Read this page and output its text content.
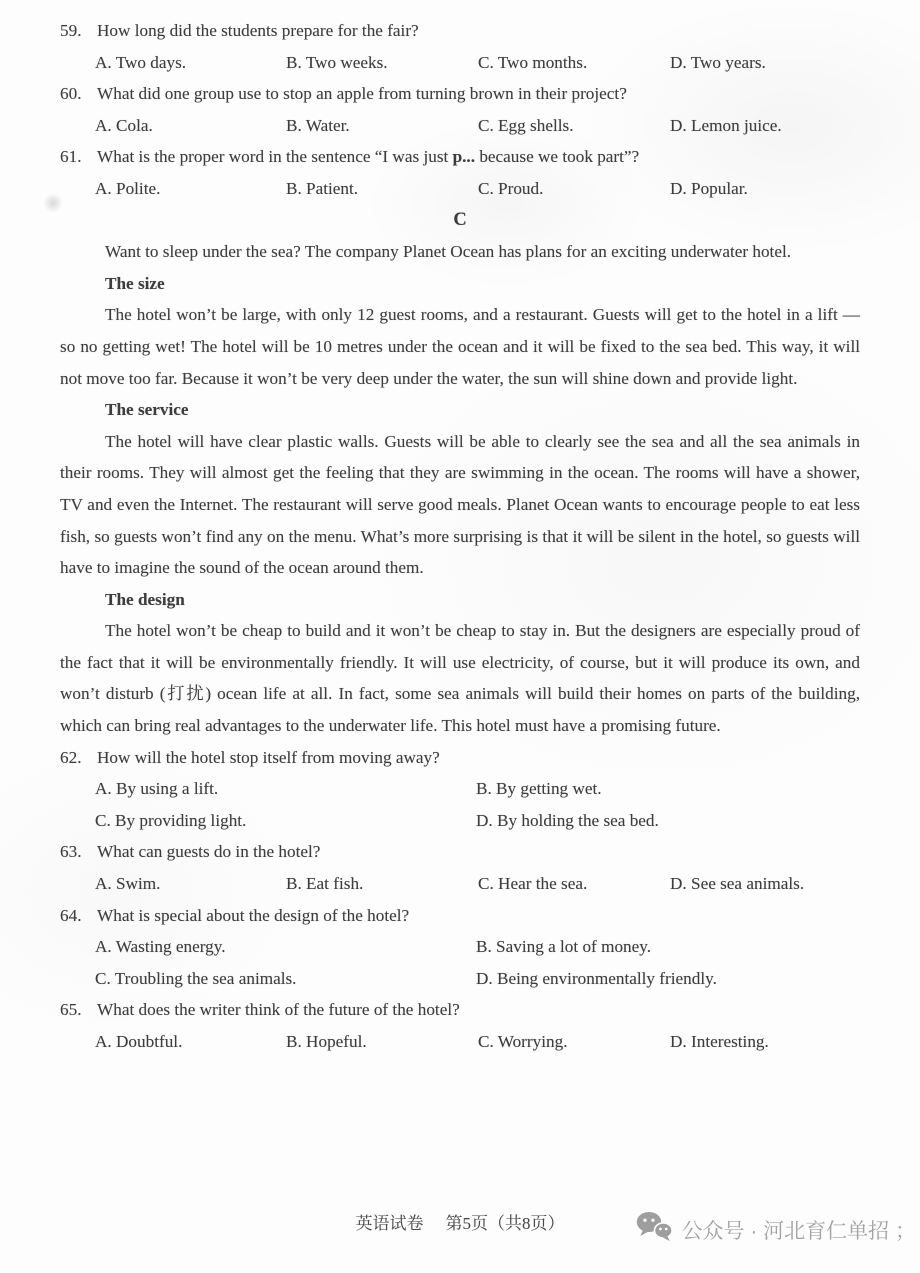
59. How long did the students prepare for the fair?
A. Two days.	B. Two weeks.	C. Two months.	D. Two years.
60. What did one group use to stop an apple from turning brown in their project?
A. Cola.	B. Water.	C. Egg shells.	D. Lemon juice.
61. What is the proper word in the sentence “I was just p... because we took part”?
A. Polite.	B. Patient.	C. Proud.	D. Popular.
C

Want to sleep under the sea? The company Planet Ocean has plans for an exciting underwater hotel.

The size

The hotel won’t be large, with only 12 guest rooms, and a restaurant. Guests will get to the hotel in a lift — so no getting wet! The hotel will be 10 metres under the ocean and it will be fixed to the sea bed. This way, it will not move too far. Because it won’t be very deep under the water, the sun will shine down and provide light.

The service

The hotel will have clear plastic walls. Guests will be able to clearly see the sea and all the sea animals in their rooms. They will almost get the feeling that they are swimming in the ocean. The rooms will have a shower, TV and even the Internet. The restaurant will serve good meals. Planet Ocean wants to encourage people to eat less fish, so guests won’t find any on the menu. What’s more surprising is that it will be silent in the hotel, so guests will have to imagine the sound of the ocean around them.

The design

The hotel won’t be cheap to build and it won’t be cheap to stay in. But the designers are especially proud of the fact that it will be environmentally friendly. It will use electricity, of course, but it will produce its own, and won’t disturb (打扰) ocean life at all. In fact, some sea animals will build their homes on parts of the building, which can bring real advantages to the underwater life. This hotel must have a promising future.

62. How will the hotel stop itself from moving away?
A. By using a lift.	B. By getting wet.
C. By providing light.	D. By holding the sea bed.
63. What can guests do in the hotel?
A. Swim.	B. Eat fish.	C. Hear the sea.	D. See sea animals.
64. What is special about the design of the hotel?
A. Wasting energy.	B. Saving a lot of money.
C. Troubling the sea animals.	D. Being environmentally friendly.
65. What does the writer think of the future of the hotel?
A. Doubtful.	B. Hopeful.	C. Worrying.	D. Interesting.
英语试卷 第5页（共8页）	公众号 · 河北育仁单招 ；
